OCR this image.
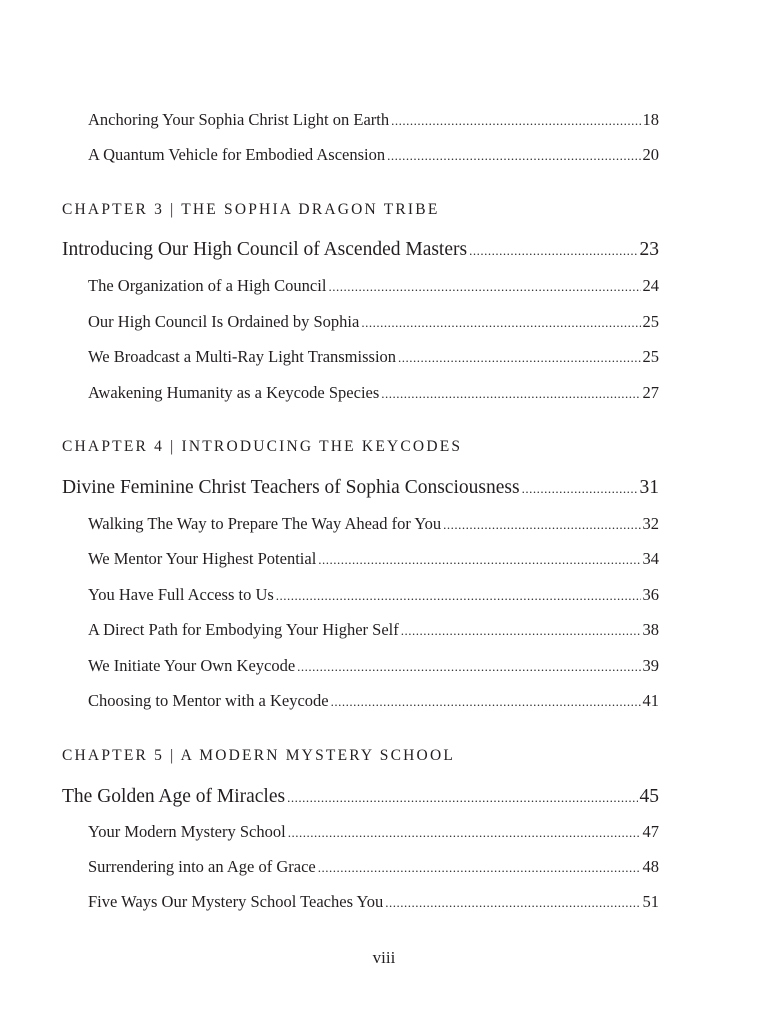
Anchoring Your Sophia Christ Light on Earth .....	18
A Quantum Vehicle for Embodied Ascension .....	20
CHAPTER 3 | THE SOPHIA DRAGON TRIBE
Introducing Our High Council of Ascended Masters .....	23
The Organization of a High Council .....	24
Our High Council Is Ordained by Sophia .....	25
We Broadcast a Multi-Ray Light Transmission .....	25
Awakening Humanity as a Keycode Species .....	27
CHAPTER 4 | INTRODUCING THE KEYCODES
Divine Feminine Christ Teachers of Sophia Consciousness .....	31
Walking The Way to Prepare The Way Ahead for You .....	32
We Mentor Your Highest Potential .....	34
You Have Full Access to Us .....	36
A Direct Path for Embodying Your Higher Self .....	38
We Initiate Your Own Keycode .....	39
Choosing to Mentor with a Keycode .....	41
CHAPTER 5 | A MODERN MYSTERY SCHOOL
The Golden Age of Miracles .....	45
Your Modern Mystery School .....	47
Surrendering into an Age of Grace .....	48
Five Ways Our Mystery School Teaches You .....	51
viii
